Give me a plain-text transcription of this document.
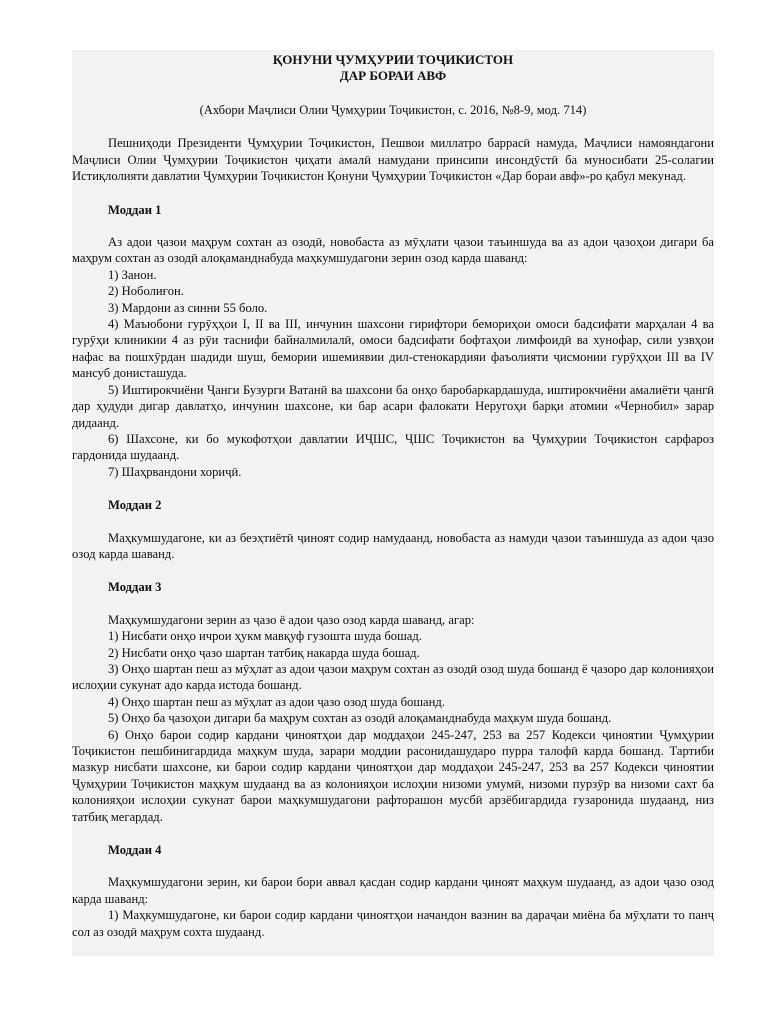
ҚОНУНИ ҶУМҲУРИИ ТОҶИКИСТОН

ДАР БОРАИ АВФ

(Ахбори Маҷлиси Олии Ҷумҳурии Тоҷикистон, с. 2016, №8-9, мод. 714)

Пешниҳоди Президенти Ҷумҳурии Тоҷикистон, Пешвои миллатро баррасӣ намуда, Маҷлиси намояндагони Маҷлиси Олии Ҷумҳурии Тоҷикистон ҷиҳати амалӣ намудани принсипи инсондӯстӣ ба муносибати 25-солагии Истиқлолияти давлатии Ҷумҳурии Тоҷикистон Қонуни Ҷумҳурии Тоҷикистон «Дар бораи авф»-ро қабул мекунад.

Моддаи 1

Аз адои ҷазои маҳрум сохтан аз озодӣ, новобаста аз мӯҳлати ҷазои таъиншуда ва аз адои ҷазоҳои дигари ба маҳрум сохтан аз озодӣ алоқаманднабуда маҳкумшудагони зерин озод карда шаванд:

1) Занон.

2) Ноболиғон.

3) Мардони аз синни 55 боло.

4) Маъюбони гурӯҳҳои I, II ва III, инчунин шахсони гирифтори бемориҳои омоси бадсифати марҳалаи 4 ва гурӯҳи клиникии 4 аз рӯи таснифи байналмилалӣ, омоси бадсифати бофтаҳои лимфоидӣ ва хунофар, сили узвҳои нафас ва пошхӯрдан шадиди шуш, бемории ишемиявии дил-стенокардияи фаъолияти ҷисмонии гурӯҳҳои III ва IV мансуб донисташуда.

5) Иштирокчиёни Ҷанги Бузурги Ватанӣ ва шахсони ба онҳо баробаркардашуда, иштирокчиёни амалиёти ҷангӣ дар ҳудуди дигар давлатҳо, инчунин шахсоне, ки бар асари фалокати Неругоҳи барқи атомии «Чернобил» зарар дидаанд.

6) Шахсоне, ки бо мукофотҳои давлатии ИҶШС, ҶШС Тоҷикистон ва Ҷумҳурии Тоҷикистон сарфароз гардонида шудаанд.

7) Шаҳрвандони хориҷӣ.

Моддаи 2

Маҳкумшудагоне, ки аз беэҳтиётӣ ҷиноят содир намудаанд, новобаста аз намуди ҷазои таъиншуда аз адои ҷазо озод карда шаванд.

Моддаи 3

Маҳкумшудагони зерин аз ҷазо ё адои ҷазо озод карда шаванд, агар:

1) Нисбати онҳо ичрои ҳукм мавқуф гузошта шуда бошад.

2) Нисбати онҳо ҷазо шартан татбиқ накарда шуда бошад.

3) Онҳо шартан пеш аз мӯҳлат аз адои ҷазои маҳрум сохтан аз озодӣ озод шуда бошанд ё ҷазоро дар колонияҳои ислоҳии сукунат адо карда истода бошанд.

4) Онҳо шартан пеш аз мӯҳлат аз адои ҷазо озод шуда бошанд.

5) Онҳо ба ҷазоҳои дигари ба маҳрум сохтан аз озодӣ алоқаманднабуда маҳкум шуда бошанд.

6) Онҳо барои содир кардани ҷиноятҳои дар моддаҳои 245-247, 253 ва 257 Кодекси ҷиноятии Ҷумҳурии Тоҷикистон пешбинигардида маҳкум шуда, зарари моддии расонидашударо пурра талофӣ карда бошанд. Тартиби мазкур нисбати шахсоне, ки барои содир кардани ҷиноятҳои дар моддаҳои 245-247, 253 ва 257 Кодекси ҷиноятии Ҷумҳурии Тоҷикистон маҳкум шудаанд ва аз колонияҳои ислоҳии низоми умумӣ, низоми пурзӯр ва низоми сахт ба колонияҳои ислоҳии сукунат барои маҳкумшудагони рафторашон мусбӣ арзёбигардида гузаронида шудаанд, низ татбиқ мегардад.

Моддаи 4

Маҳкумшудагони зерин, ки барои бори аввал қасдан содир кардани ҷиноят маҳкум шудаанд, аз адои ҷазо озод карда шаванд:

1) Маҳкумшудагоне, ки барои содир кардани ҷиноятҳои начандон вазнин ва дараҷаи миёна ба мӯҳлати то панҷ сол аз озодӣ маҳрум сохта шудаанд.
